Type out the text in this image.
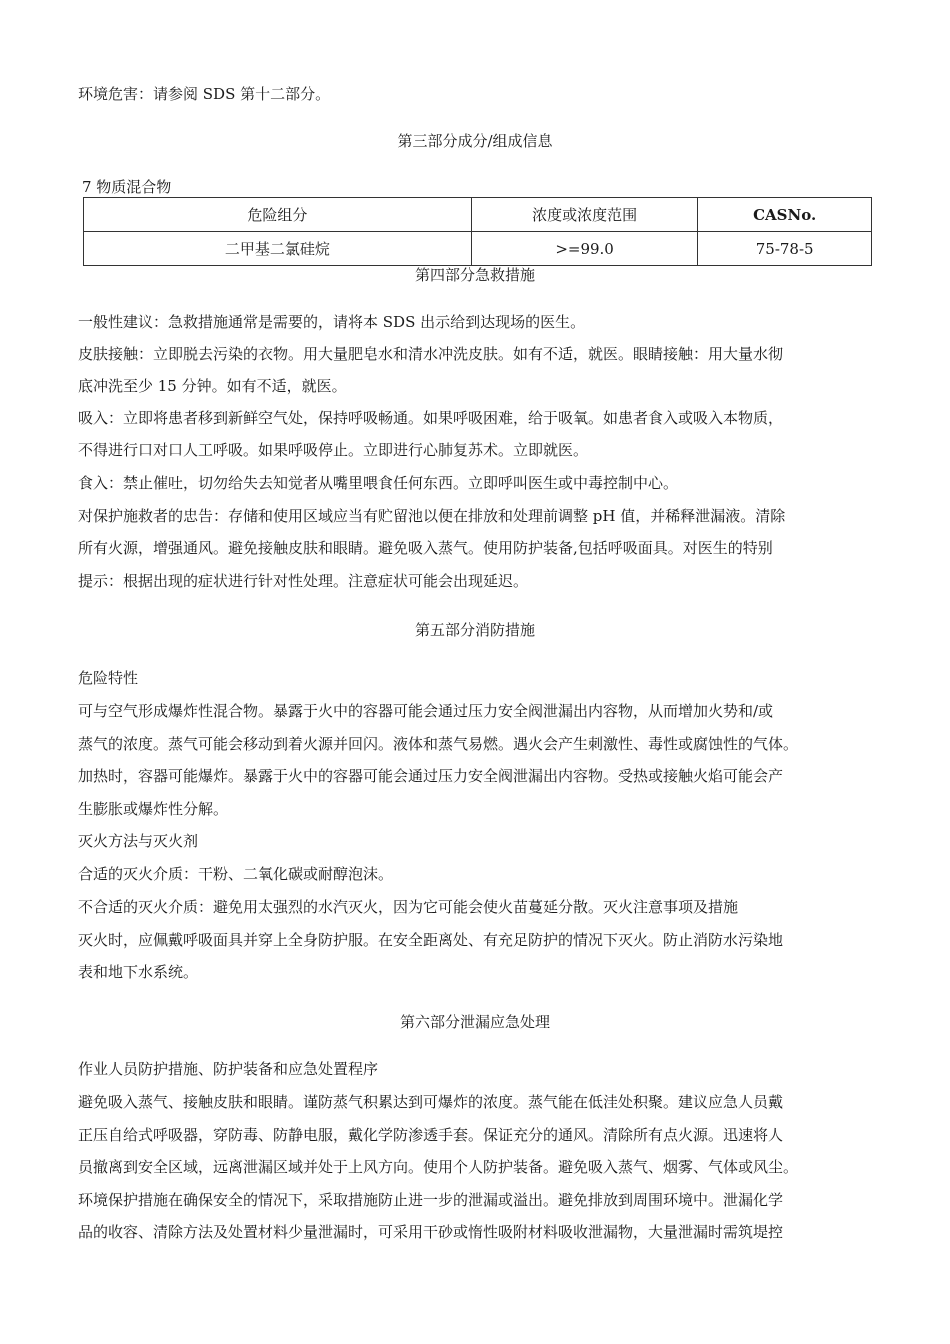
环境危害：请参阅 SDS 第十二部分。
第三部分成分/组成信息
7 物质混合物
危险组分	浓度或浓度范围	CASNo.
二甲基二氯硅烷	>=99.0	75-78-5
第四部分急救措施
一般性建议：急救措施通常是需要的，请将本 SDS 出示给到达现场的医生。
皮肤接触：立即脱去污染的衣物。用大量肥皂水和清水冲洗皮肤。如有不适，就医。眼睛接触：用大量水彻
底冲洗至少 15 分钟。如有不适，就医。
吸入：立即将患者移到新鲜空气处，保持呼吸畅通。如果呼吸困难，给于吸氧。如患者食入或吸入本物质，
不得进行口对口人工呼吸。如果呼吸停止。立即进行心肺复苏术。立即就医。
食入：禁止催吐，切勿给失去知觉者从嘴里喂食任何东西。立即呼叫医生或中毒控制中心。
对保护施救者的忠告：存储和使用区域应当有贮留池以便在排放和处理前调整 pH 值，并稀释泄漏液。清除
所有火源，增强通风。避免接触皮肤和眼睛。避免吸入蒸气。使用防护装备,包括呼吸面具。对医生的特别
提示：根据出现的症状进行针对性处理。注意症状可能会出现延迟。
第五部分消防措施
危险特性
可与空气形成爆炸性混合物。暴露于火中的容器可能会通过压力安全阀泄漏出内容物，从而增加火势和/或
蒸气的浓度。蒸气可能会移动到着火源并回闪。液体和蒸气易燃。遇火会产生刺激性、毒性或腐蚀性的气体。
加热时，容器可能爆炸。暴露于火中的容器可能会通过压力安全阀泄漏出内容物。受热或接触火焰可能会产
生膨胀或爆炸性分解。
灭火方法与灭火剂
合适的灭火介质：干粉、二氧化碳或耐醇泡沫。
不合适的灭火介质：避免用太强烈的水汽灭火，因为它可能会使火苗蔓延分散。灭火注意事项及措施
灭火时，应佩戴呼吸面具并穿上全身防护服。在安全距离处、有充足防护的情况下灭火。防止消防水污染地
表和地下水系统。
第六部分泄漏应急处理
作业人员防护措施、防护装备和应急处置程序
避免吸入蒸气、接触皮肤和眼睛。谨防蒸气积累达到可爆炸的浓度。蒸气能在低洼处积聚。建议应急人员戴
正压自给式呼吸器，穿防毒、防静电服，戴化学防渗透手套。保证充分的通风。清除所有点火源。迅速将人
员撤离到安全区域，远离泄漏区域并处于上风方向。使用个人防护装备。避免吸入蒸气、烟雾、气体或风尘。
环境保护措施在确保安全的情况下，采取措施防止进一步的泄漏或溢出。避免排放到周围环境中。泄漏化学
品的收容、清除方法及处置材料少量泄漏时，可采用干砂或惰性吸附材料吸收泄漏物，大量泄漏时需筑堤控
